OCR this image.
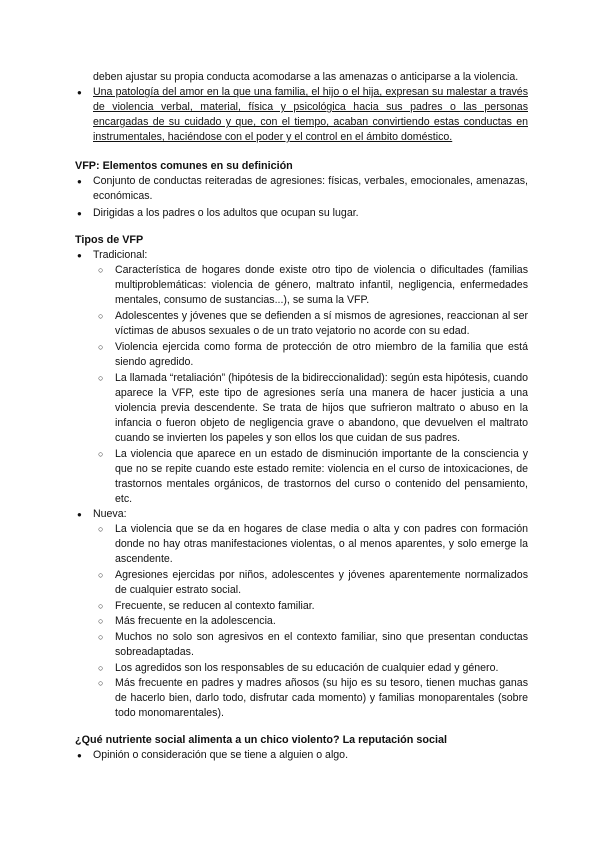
deben ajustar su propia conducta acomodarse a las amenazas o anticiparse a la violencia.
● Una patología del amor en la que una familia, el hijo o el hija, expresan su malestar a través de violencia verbal, material, física y psicológica hacia sus padres o las personas encargadas de su cuidado y que, con el tiempo, acaban convirtiendo estas conductas en instrumentales, haciéndose con el poder y el control en el ámbito doméstico.
VFP: Elementos comunes en su definición
● Conjunto de conductas reiteradas de agresiones: físicas, verbales, emocionales, amenazas, económicas.
● Dirigidas a los padres o los adultos que ocupan su lugar.
Tipos de VFP
● Tradicional:
○ Característica de hogares donde existe otro tipo de violencia o dificultades (familias multiproblemáticas: violencia de género, maltrato infantil, negligencia, enfermedades mentales, consumo de sustancias...), se suma la VFP.
○ Adolescentes y jóvenes que se defienden a sí mismos de agresiones, reaccionan al ser víctimas de abusos sexuales o de un trato vejatorio no acorde con su edad.
○ Violencia ejercida como forma de protección de otro miembro de la familia que está siendo agredido.
○ La llamada “retaliación” (hipótesis de la bidireccionalidad): según esta hipótesis, cuando aparece la VFP, este tipo de agresiones sería una manera de hacer justicia a una violencia previa descendente. Se trata de hijos que sufrieron maltrato o abuso en la infancia o fueron objeto de negligencia grave o abandono, que devuelven el maltrato cuando se invierten los papeles y son ellos los que cuidan de sus padres.
○ La violencia que aparece en un estado de disminución importante de la consciencia y que no se repite cuando este estado remite: violencia en el curso de intoxicaciones, de trastornos mentales orgánicos, de trastornos del curso o contenido del pensamiento, etc.
● Nueva:
○ La violencia que se da en hogares de clase media o alta y con padres con formación donde no hay otras manifestaciones violentas, o al menos aparentes, y solo emerge la ascendente.
○ Agresiones ejercidas por niños, adolescentes y jóvenes aparentemente normalizados de cualquier estrato social.
○ Frecuente, se reducen al contexto familiar.
○ Más frecuente en la adolescencia.
○ Muchos no solo son agresivos en el contexto familiar, sino que presentan conductas sobreadaptadas.
○ Los agredidos son los responsables de su educación de cualquier edad y género.
○ Más frecuente en padres y madres añosos (su hijo es su tesoro, tienen muchas ganas de hacerlo bien, darlo todo, disfrutar cada momento) y familias monoparentales (sobre todo monomarentales).
¿Qué nutriente social alimenta a un chico violento? La reputación social
● Opinión o consideración que se tiene a alguien o algo.
